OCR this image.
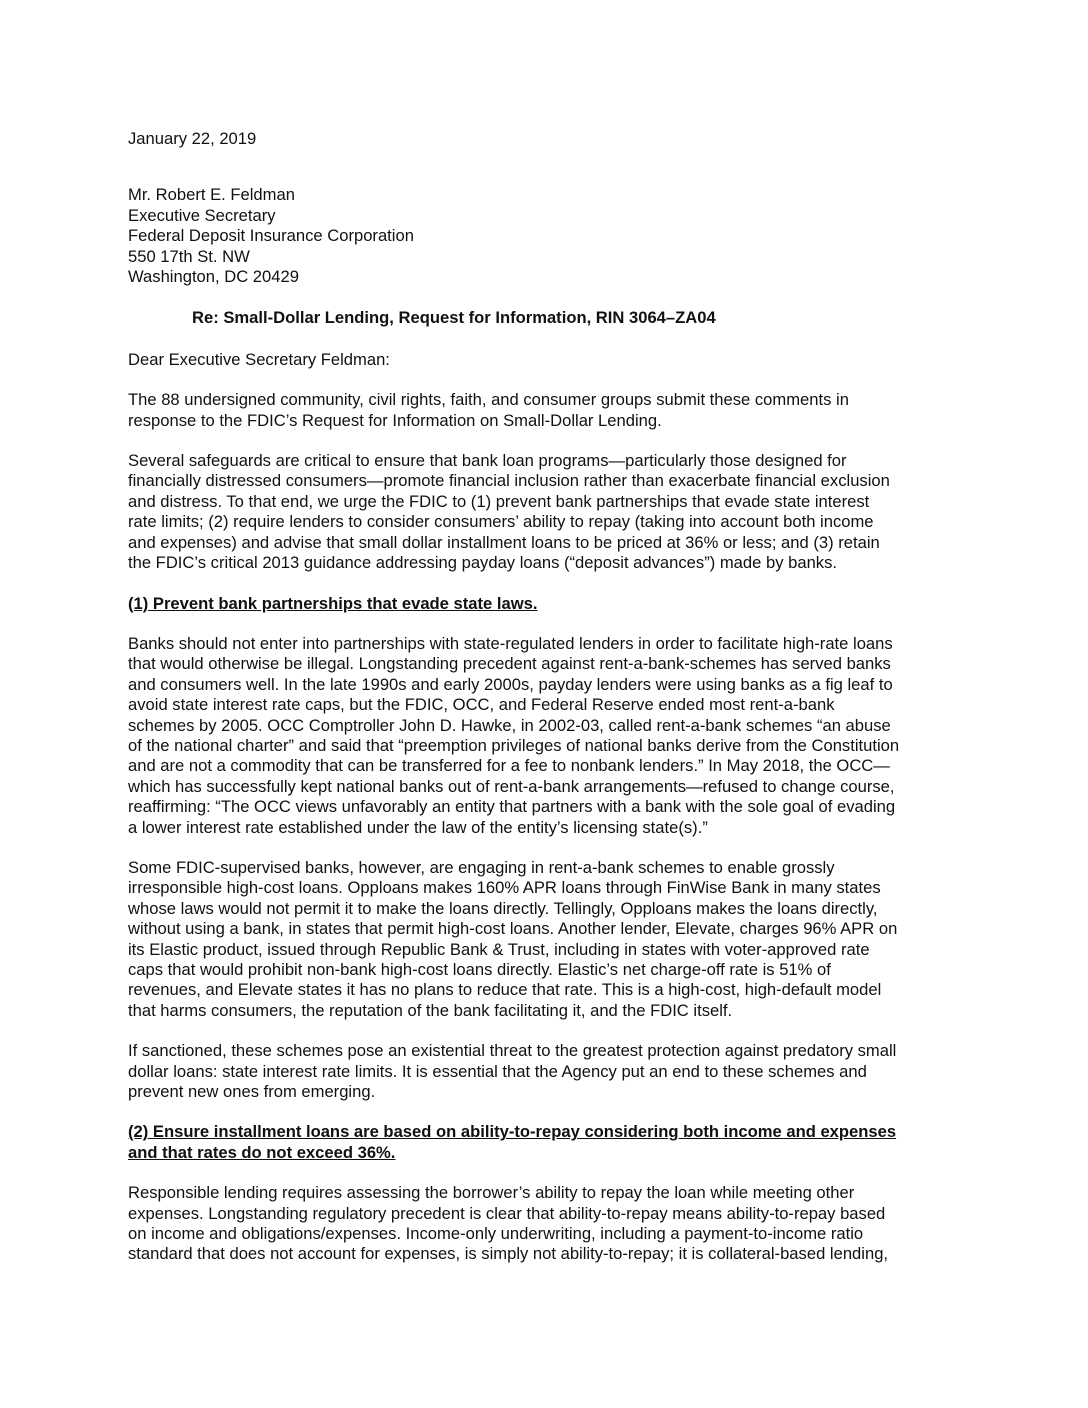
January 22, 2019
Mr. Robert E. Feldman
Executive Secretary
Federal Deposit Insurance Corporation
550 17th St. NW
Washington, DC 20429
Re: Small-Dollar Lending, Request for Information, RIN 3064–ZA04
Dear Executive Secretary Feldman:

The 88 undersigned community, civil rights, faith, and consumer groups submit these comments in
response to the FDIC’s Request for Information on Small-Dollar Lending.

Several safeguards are critical to ensure that bank loan programs—particularly those designed for
financially distressed consumers—promote financial inclusion rather than exacerbate financial exclusion
and distress. To that end, we urge the FDIC to (1) prevent bank partnerships that evade state interest
rate limits; (2) require lenders to consider consumers’ ability to repay (taking into account both income
and expenses) and advise that small dollar installment loans to be priced at 36% or less; and (3) retain
the FDIC’s critical 2013 guidance addressing payday loans (“deposit advances”) made by banks.

(1) Prevent bank partnerships that evade state laws.

Banks should not enter into partnerships with state-regulated lenders in order to facilitate high-rate loans
that would otherwise be illegal. Longstanding precedent against rent-a-bank-schemes has served banks
and consumers well. In the late 1990s and early 2000s, payday lenders were using banks as a fig leaf to
avoid state interest rate caps, but the FDIC, OCC, and Federal Reserve ended most rent-a-bank
schemes by 2005. OCC Comptroller John D. Hawke, in 2002-03, called rent-a-bank schemes “an abuse
of the national charter” and said that “preemption privileges of national banks derive from the Constitution
and are not a commodity that can be transferred for a fee to nonbank lenders.” In May 2018, the OCC—
which has successfully kept national banks out of rent-a-bank arrangements—refused to change course,
reaffirming: “The OCC views unfavorably an entity that partners with a bank with the sole goal of evading
a lower interest rate established under the law of the entity’s licensing state(s).”

Some FDIC-supervised banks, however, are engaging in rent-a-bank schemes to enable grossly
irresponsible high-cost loans. Opploans makes 160% APR loans through FinWise Bank in many states
whose laws would not permit it to make the loans directly. Tellingly, Opploans makes the loans directly,
without using a bank, in states that permit high-cost loans. Another lender, Elevate, charges 96% APR on
its Elastic product, issued through Republic Bank & Trust, including in states with voter-approved rate
caps that would prohibit non-bank high-cost loans directly. Elastic’s net charge-off rate is 51% of
revenues, and Elevate states it has no plans to reduce that rate. This is a high-cost, high-default model
that harms consumers, the reputation of the bank facilitating it, and the FDIC itself.

If sanctioned, these schemes pose an existential threat to the greatest protection against predatory small
dollar loans: state interest rate limits. It is essential that the Agency put an end to these schemes and
prevent new ones from emerging.

(2) Ensure installment loans are based on ability-to-repay considering both income and expenses
and that rates do not exceed 36%.

Responsible lending requires assessing the borrower’s ability to repay the loan while meeting other
expenses. Longstanding regulatory precedent is clear that ability-to-repay means ability-to-repay based
on income and obligations/expenses. Income-only underwriting, including a payment-to-income ratio
standard that does not account for expenses, is simply not ability-to-repay; it is collateral-based lending,
